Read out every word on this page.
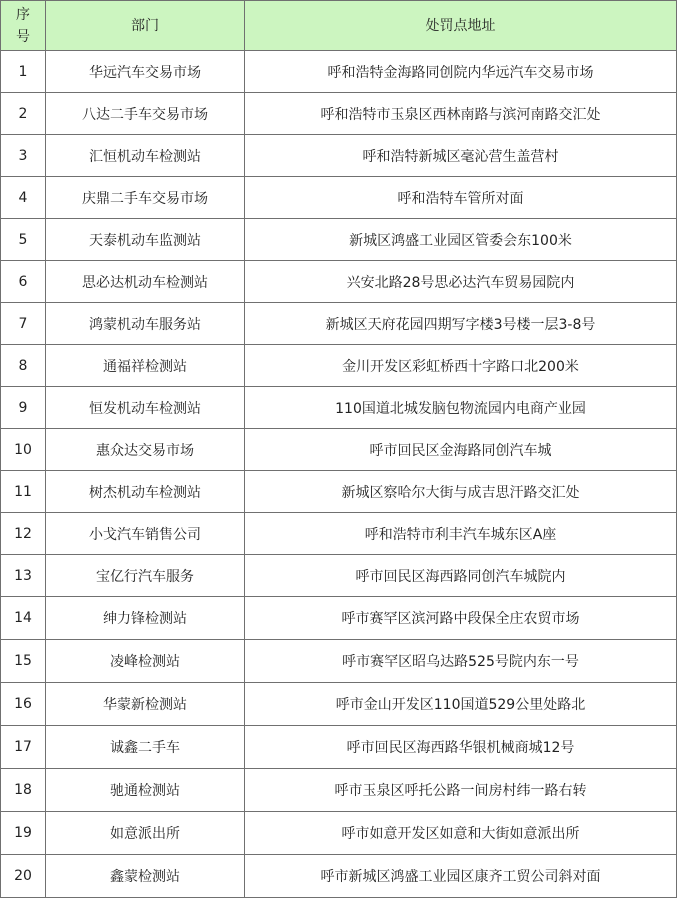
序号	部门	处罚点地址
1	华远汽车交易市场	呼和浩特金海路同创院内华远汽车交易市场
2	八达二手车交易市场	呼和浩特市玉泉区西林南路与滨河南路交汇处
3	汇恒机动车检测站	呼和浩特新城区毫沁营生盖营村
4	庆鼎二手车交易市场	呼和浩特车管所对面
5	天泰机动车监测站	新城区鸿盛工业园区管委会东100米
6	思必达机动车检测站	兴安北路28号思必达汽车贸易园院内
7	鸿蒙机动车服务站	新城区天府花园四期写字楼3号楼一层3-8号
8	通福祥检测站	金川开发区彩虹桥西十字路口北200米
9	恒发机动车检测站	110国道北城发脑包物流园内电商产业园
10	惠众达交易市场	呼市回民区金海路同创汽车城
11	树杰机动车检测站	新城区察哈尔大街与成吉思汗路交汇处
12	小戈汽车销售公司	呼和浩特市利丰汽车城东区A座
13	宝亿行汽车服务	呼市回民区海西路同创汽车城院内
14	绅力锋检测站	呼市赛罕区滨河路中段保全庄农贸市场
15	凌峰检测站	呼市赛罕区昭乌达路525号院内东一号
16	华蒙新检测站	呼市金山开发区110国道529公里处路北
17	诚鑫二手车	呼市回民区海西路华银机械商城12号
18	驰通检测站	呼市玉泉区呼托公路一间房村纬一路右转
19	如意派出所	呼市如意开发区如意和大街如意派出所
20	鑫蒙检测站	呼市新城区鸿盛工业园区康齐工贸公司斜对面
